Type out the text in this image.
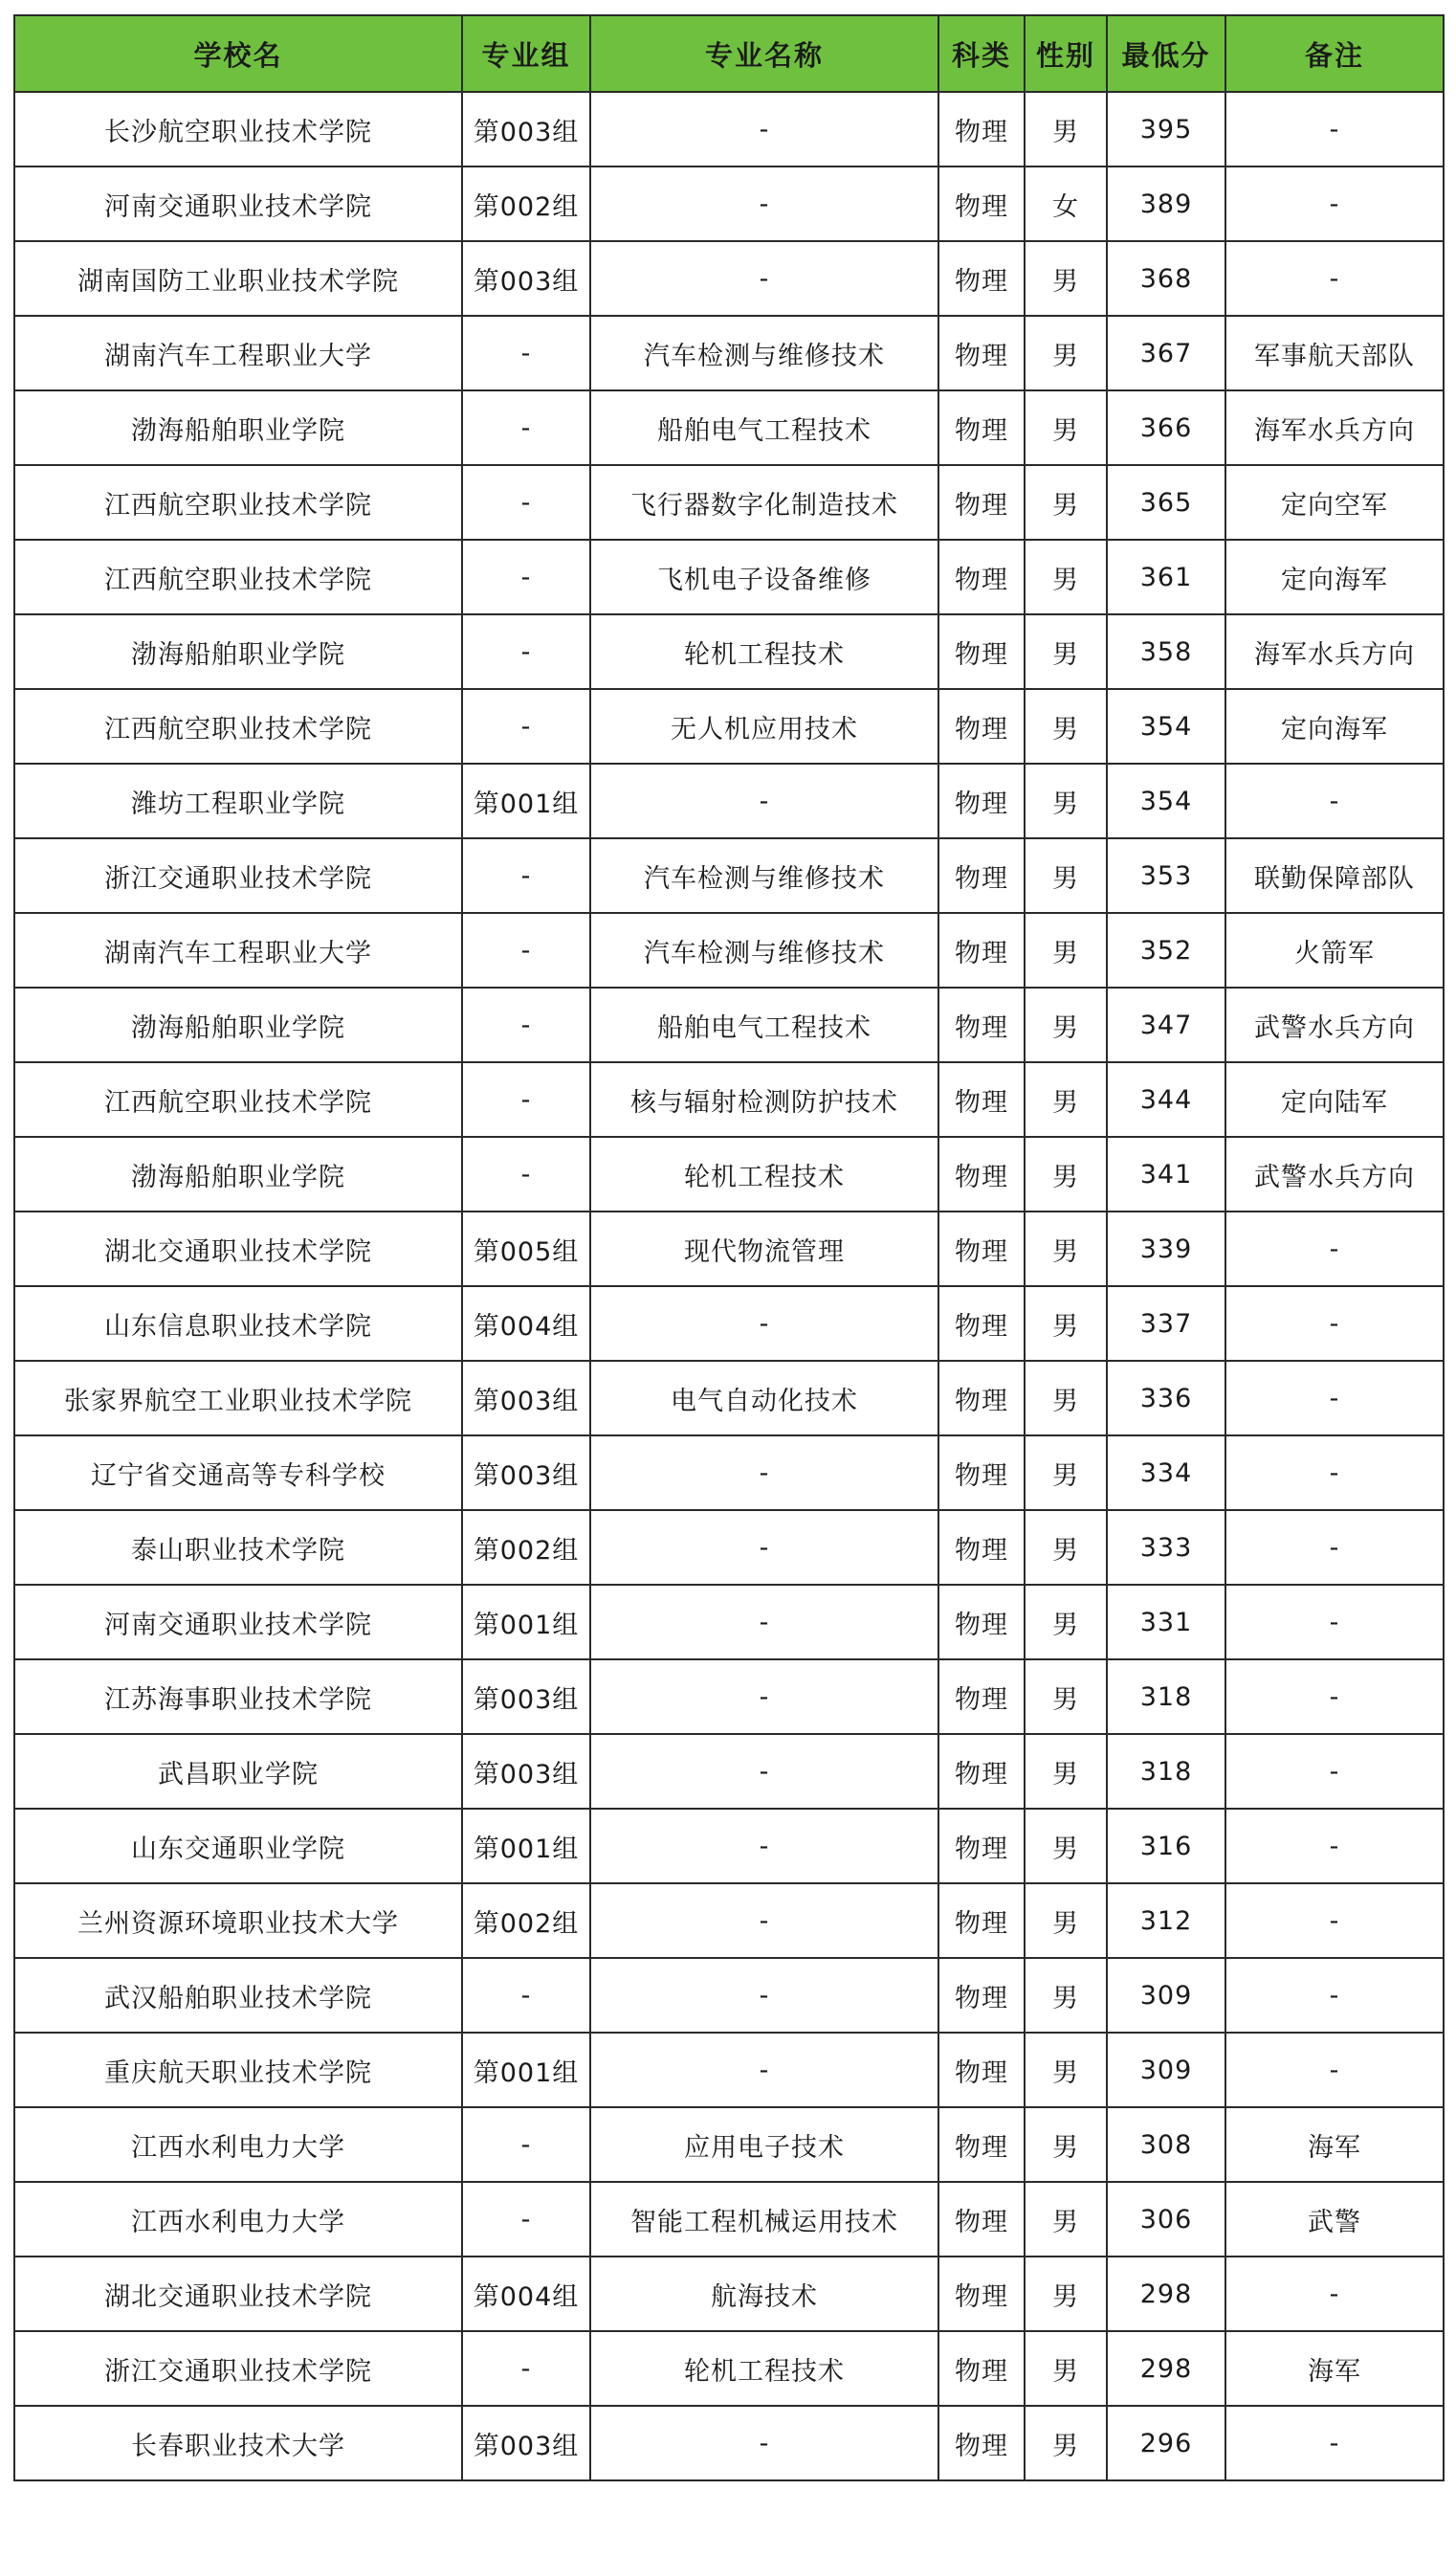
学校名	专业组	专业名称	科类	性别	最低分	备注
长沙航空职业技术学院	第003组	-	物理	男	395	-
河南交通职业技术学院	第002组	-	物理	女	389	-
湖南国防工业职业技术学院	第003组	-	物理	男	368	-
湖南汽车工程职业大学	-	汽车检测与维修技术	物理	男	367	军事航天部队
渤海船舶职业学院	-	船舶电气工程技术	物理	男	366	海军水兵方向
江西航空职业技术学院	-	飞行器数字化制造技术	物理	男	365	定向空军
江西航空职业技术学院	-	飞机电子设备维修	物理	男	361	定向海军
渤海船舶职业学院	-	轮机工程技术	物理	男	358	海军水兵方向
江西航空职业技术学院	-	无人机应用技术	物理	男	354	定向海军
潍坊工程职业学院	第001组	-	物理	男	354	-
浙江交通职业技术学院	-	汽车检测与维修技术	物理	男	353	联勤保障部队
湖南汽车工程职业大学	-	汽车检测与维修技术	物理	男	352	火箭军
渤海船舶职业学院	-	船舶电气工程技术	物理	男	347	武警水兵方向
江西航空职业技术学院	-	核与辐射检测防护技术	物理	男	344	定向陆军
渤海船舶职业学院	-	轮机工程技术	物理	男	341	武警水兵方向
湖北交通职业技术学院	第005组	现代物流管理	物理	男	339	-
山东信息职业技术学院	第004组	-	物理	男	337	-
张家界航空工业职业技术学院	第003组	电气自动化技术	物理	男	336	-
辽宁省交通高等专科学校	第003组	-	物理	男	334	-
泰山职业技术学院	第002组	-	物理	男	333	-
河南交通职业技术学院	第001组	-	物理	男	331	-
江苏海事职业技术学院	第003组	-	物理	男	318	-
武昌职业学院	第003组	-	物理	男	318	-
山东交通职业学院	第001组	-	物理	男	316	-
兰州资源环境职业技术大学	第002组	-	物理	男	312	-
武汉船舶职业技术学院	-	-	物理	男	309	-
重庆航天职业技术学院	第001组	-	物理	男	309	-
江西水利电力大学	-	应用电子技术	物理	男	308	海军
江西水利电力大学	-	智能工程机械运用技术	物理	男	306	武警
湖北交通职业技术学院	第004组	航海技术	物理	男	298	-
浙江交通职业技术学院	-	轮机工程技术	物理	男	298	海军
长春职业技术大学	第003组	-	物理	男	296	-
